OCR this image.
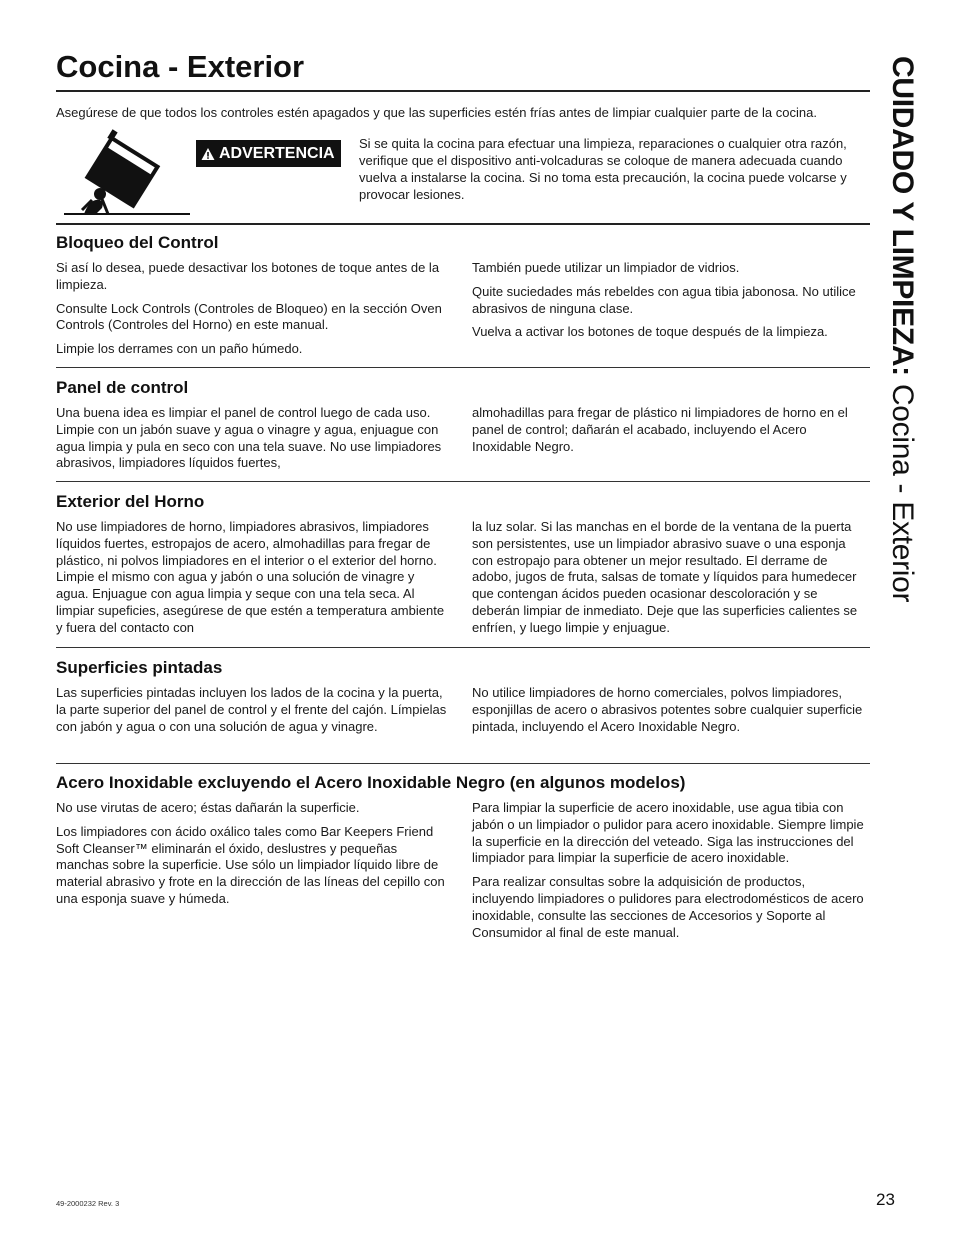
Cocina - Exterior

Asegúrese de que todos los controles estén apagados y que las superficies estén frías antes de limpiar cualquier parte de la cocina.

ADVERTENCIA

Si se quita la cocina para efectuar una limpieza, reparaciones o cualquier otra razón, verifique que el dispositivo anti-volcaduras se coloque de manera adecuada cuando vuelva a instalarse la cocina. Si no toma esta precaución, la cocina puede volcarse y provocar lesiones.

Bloqueo del Control

Si así lo desea, puede desactivar los botones de toque antes de la limpieza.

Consulte Lock Controls (Controles de Bloqueo) en la sección Oven Controls (Controles del Horno) en este manual.

Limpie los derrames con un paño húmedo.

También puede utilizar un limpiador de vidrios.

Quite suciedades más rebeldes con agua tibia jabonosa. No utilice abrasivos de ninguna clase.

Vuelva a activar los botones de toque después de la limpieza.

Panel de control

Una buena idea es limpiar el panel de control luego de cada uso. Limpie con un jabón suave y agua o vinagre y agua, enjuague con agua limpia y pula en seco con una tela suave. No use limpiadores abrasivos, limpiadores líquidos fuertes,

almohadillas para fregar de plástico ni limpiadores de horno en el panel de control; dañarán el acabado, incluyendo el Acero Inoxidable Negro.

Exterior del Horno

No use limpiadores de horno, limpiadores abrasivos, limpiadores líquidos fuertes, estropajos de acero, almohadillas para fregar de plástico, ni polvos limpiadores en el interior o el exterior del horno. Limpie el mismo con agua y jabón o una solución de vinagre y agua. Enjuague con agua limpia y seque con una tela seca. Al limpiar supeficies, asegúrese de que estén a temperatura ambiente y fuera del contacto con

la luz solar. Si las manchas en el borde de la ventana de la puerta son persistentes, use un limpiador abrasivo suave o una esponja con estropajo para obtener un mejor resultado. El derrame de adobo, jugos de fruta, salsas de tomate y líquidos para humedecer que contengan ácidos pueden ocasionar descoloración y se deberán limpiar de inmediato. Deje que las superficies calientes se enfríen, y luego limpie y enjuague.

Superficies pintadas

Las superficies pintadas incluyen los lados de la cocina y la puerta, la parte superior del panel de control y el frente del cajón. Límpielas con jabón y agua o con una solución de agua y vinagre.

No utilice limpiadores de horno comerciales, polvos limpiadores, esponjillas de acero o abrasivos potentes sobre cualquier superficie pintada, incluyendo el Acero Inoxidable Negro.

Acero Inoxidable excluyendo el Acero Inoxidable Negro (en algunos modelos)

No use virutas de acero; éstas dañarán la superficie.

Los limpiadores con ácido oxálico tales como Bar Keepers Friend Soft Cleanser™ eliminarán el óxido, deslustres y pequeñas manchas sobre la superficie. Use sólo un limpiador líquido libre de material abrasivo y frote en la dirección de las líneas del cepillo con una esponja suave y húmeda.

Para limpiar la superficie de acero inoxidable, use agua tibia con jabón o un limpiador o pulidor para acero inoxidable. Siempre limpie la superficie en la dirección del veteado. Siga las instrucciones del limpiador para limpiar la superficie de acero inoxidable.

Para realizar consultas sobre la adquisición de productos, incluyendo limpiadores o pulidores para electrodomésticos de acero inoxidable, consulte las secciones de Accesorios y Soporte al Consumidor al final de este manual.

CUIDADO Y LIMPIEZA: Cocina - Exterior
49-2000232 Rev. 3	23
